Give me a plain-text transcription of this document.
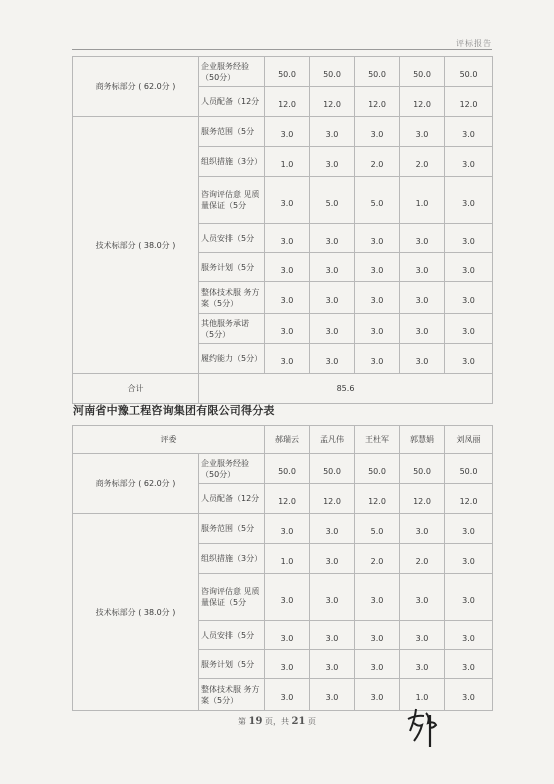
评标报告
商务标部分 ( 62.0分 )	企业服务经验 （50分）	50.0	50.0	50.0	50.0	50.0
	人员配备（12分	12.0	12.0	12.0	12.0	12.0
技术标部分 ( 38.0分 )	服务范围（5分	3.0	3.0	3.0	3.0	3.0
	组织措施（3分）	1.0	3.0	2.0	2.0	3.0
	咨询评估意 见质量保证（5分	3.0	5.0	5.0	1.0	3.0
	人员安排（5分	3.0	3.0	3.0	3.0	3.0
	服务计划（5分	3.0	3.0	3.0	3.0	3.0
	整体技术服 务方案（5分）	3.0	3.0	3.0	3.0	3.0
	其他服务承诺 （5分）	3.0	3.0	3.0	3.0	3.0
	履约能力（5分）	3.0	3.0	3.0	3.0	3.0
合计	85.6					
河南省中豫工程咨询集团有限公司得分表
评委		郝瑞云	孟凡伟	王杜军	郭慧娟	刘凤丽
商务标部分 ( 62.0分 )	企业服务经验 （50分）	50.0	50.0	50.0	50.0	50.0
	人员配备（12分	12.0	12.0	12.0	12.0	12.0
技术标部分 ( 38.0分 )	服务范围（5分	3.0	3.0	5.0	3.0	3.0
	组织措施（3分）	1.0	3.0	2.0	2.0	3.0
	咨询评估意 见质量保证（5分	3.0	3.0	3.0	3.0	3.0
	人员安排（5分	3.0	3.0	3.0	3.0	3.0
	服务计划（5分	3.0	3.0	3.0	3.0	3.0
	整体技术服 务方案（5分）	3.0	3.0	3.0	1.0	3.0
第 19 页，共 21 页
